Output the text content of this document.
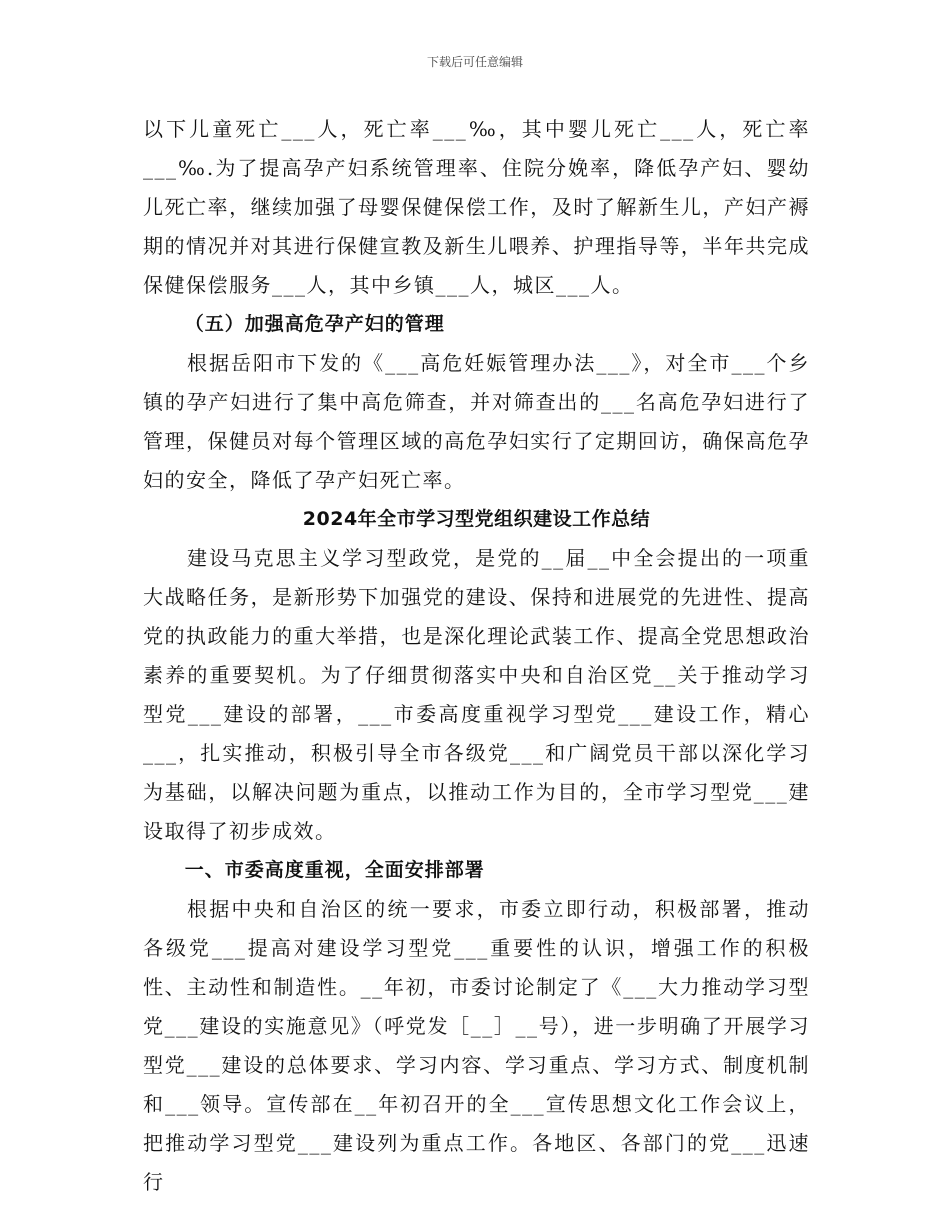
下载后可任意编辑

以下儿童死亡___人，死亡率___‰，其中婴儿死亡___人，死亡率___‰.为了提高孕产妇系统管理率、住院分娩率，降低孕产妇、婴幼儿死亡率，继续加强了母婴保健保偿工作，及时了解新生儿，产妇产褥期的情况并对其进行保健宣教及新生儿喂养、护理指导等，半年共完成保健保偿服务___人，其中乡镇___人，城区___人。

（五）加强高危孕产妇的管理

根据岳阳市下发的《___高危妊娠管理办法___》，对全市___个乡镇的孕产妇进行了集中高危筛查，并对筛查出的___名高危孕妇进行了管理，保健员对每个管理区域的高危孕妇实行了定期回访，确保高危孕妇的安全，降低了孕产妇死亡率。

2024年全市学习型党组织建设工作总结

建设马克思主义学习型政党，是党的__届__中全会提出的一项重大战略任务，是新形势下加强党的建设、保持和进展党的先进性、提高党的执政能力的重大举措，也是深化理论武装工作、提高全党思想政治素养的重要契机。为了仔细贯彻落实中央和自治区党__关于推动学习型党___建设的部署，___市委高度重视学习型党___建设工作，精心___，扎实推动，积极引导全市各级党___和广阔党员干部以深化学习为基础，以解决问题为重点，以推动工作为目的，全市学习型党___建设取得了初步成效。

一、市委高度重视，全面安排部署

根据中央和自治区的统一要求，市委立即行动，积极部署，推动各级党___提高对建设学习型党___重要性的认识，增强工作的积极性、主动性和制造性。__年初，市委讨论制定了《___大力推动学习型党___建设的实施意见》（呼党发［__］__号），进一步明确了开展学习型党___建设的总体要求、学习内容、学习重点、学习方式、制度机制和___领导。宣传部在__年初召开的全___宣传思想文化工作会议上，把推动学习型党___建设列为重点工作。各地区、各部门的党___迅速行
